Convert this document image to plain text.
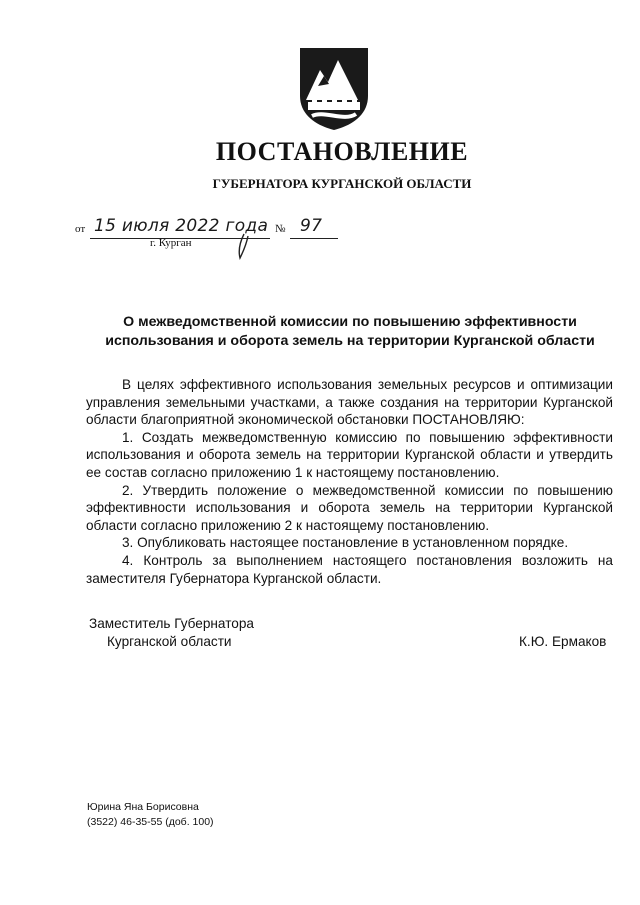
ПОСТАНОВЛЕНИЕ
ГУБЕРНАТОРА КУРГАНСКОЙ ОБЛАСТИ
от 15 июля 2022 года № 97
г. Курган
О межведомственной комиссии по повышению эффективности
использования и оборота земель на территории Курганской области

В целях эффективного использования земельных ресурсов и оптимизации управления земельными участками, а также создания на территории Курганской области благоприятной экономической обстановки ПОСТАНОВЛЯЮ:

1. Создать межведомственную комиссию по повышению эффективности использования и оборота земель на территории Курганской области и утвердить ее состав согласно приложению 1 к настоящему постановлению.

2. Утвердить положение о межведомственной комиссии по повышению эффективности использования и оборота земель на территории Курганской области согласно приложению 2 к настоящему постановлению.

3. Опубликовать настоящее постановление в установленном порядке.

4. Контроль за выполнением настоящего постановления возложить на заместителя Губернатора Курганской области.

Заместитель Губернатора
Курганской области	К.Ю. Ермаков
Юрина Яна Борисовна
(3522) 46-35-55 (доб. 100)
